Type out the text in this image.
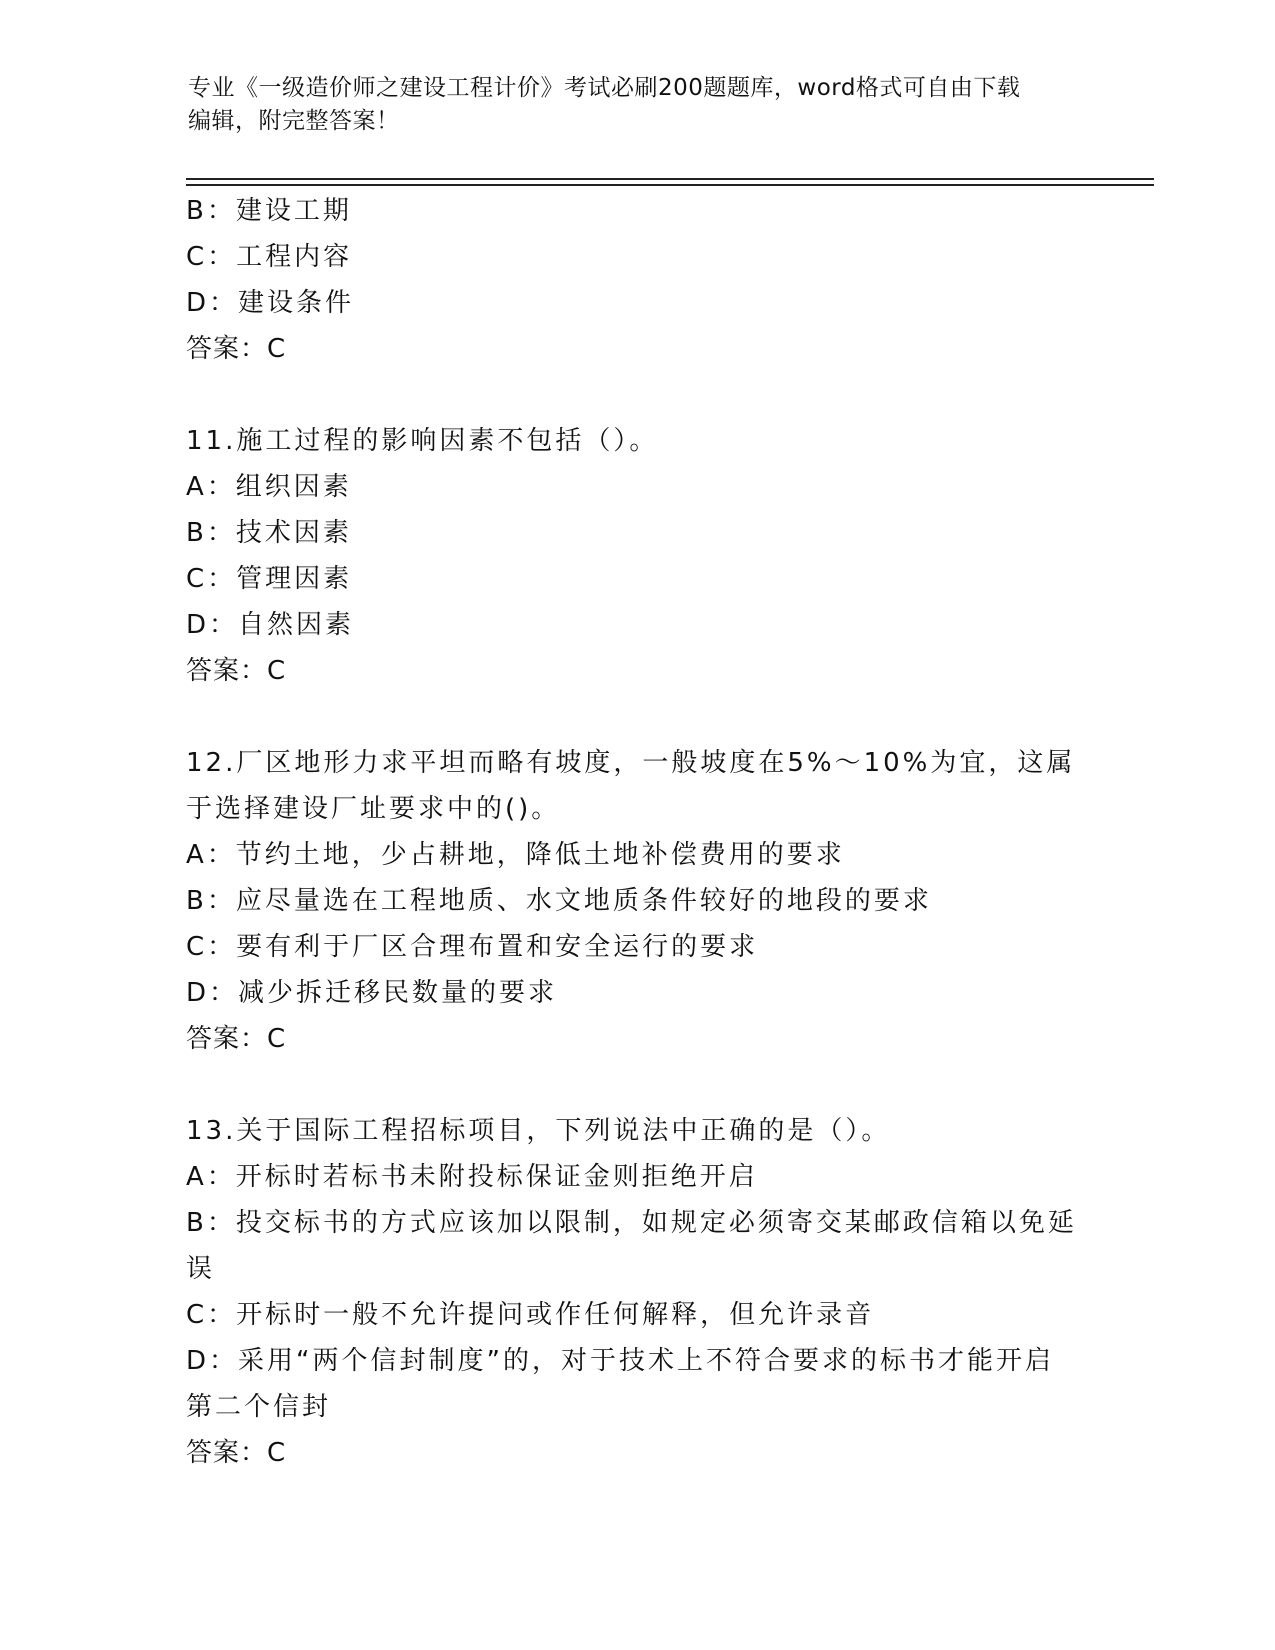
专业《一级造价师之建设工程计价》考试必刷200题题库，word格式可自由下载
编辑，附完整答案！
B：建设工期
C：工程内容
D：建设条件
答案：C
11.施工过程的影响因素不包括（）。
A：组织因素
B：技术因素
C：管理因素
D：自然因素
答案：C
12.厂区地形力求平坦而略有坡度，一般坡度在5%～10%为宜，这属
于选择建设厂址要求中的()。
A：节约土地，少占耕地，降低土地补偿费用的要求
B：应尽量选在工程地质、水文地质条件较好的地段的要求
C：要有利于厂区合理布置和安全运行的要求
D：减少拆迁移民数量的要求
答案：C
13.关于国际工程招标项目，下列说法中正确的是（）。
A：开标时若标书未附投标保证金则拒绝开启
B：投交标书的方式应该加以限制，如规定必须寄交某邮政信箱以免延
误
C：开标时一般不允许提问或作任何解释，但允许录音
D：采用“两个信封制度”的，对于技术上不符合要求的标书才能开启
第二个信封
答案：C
